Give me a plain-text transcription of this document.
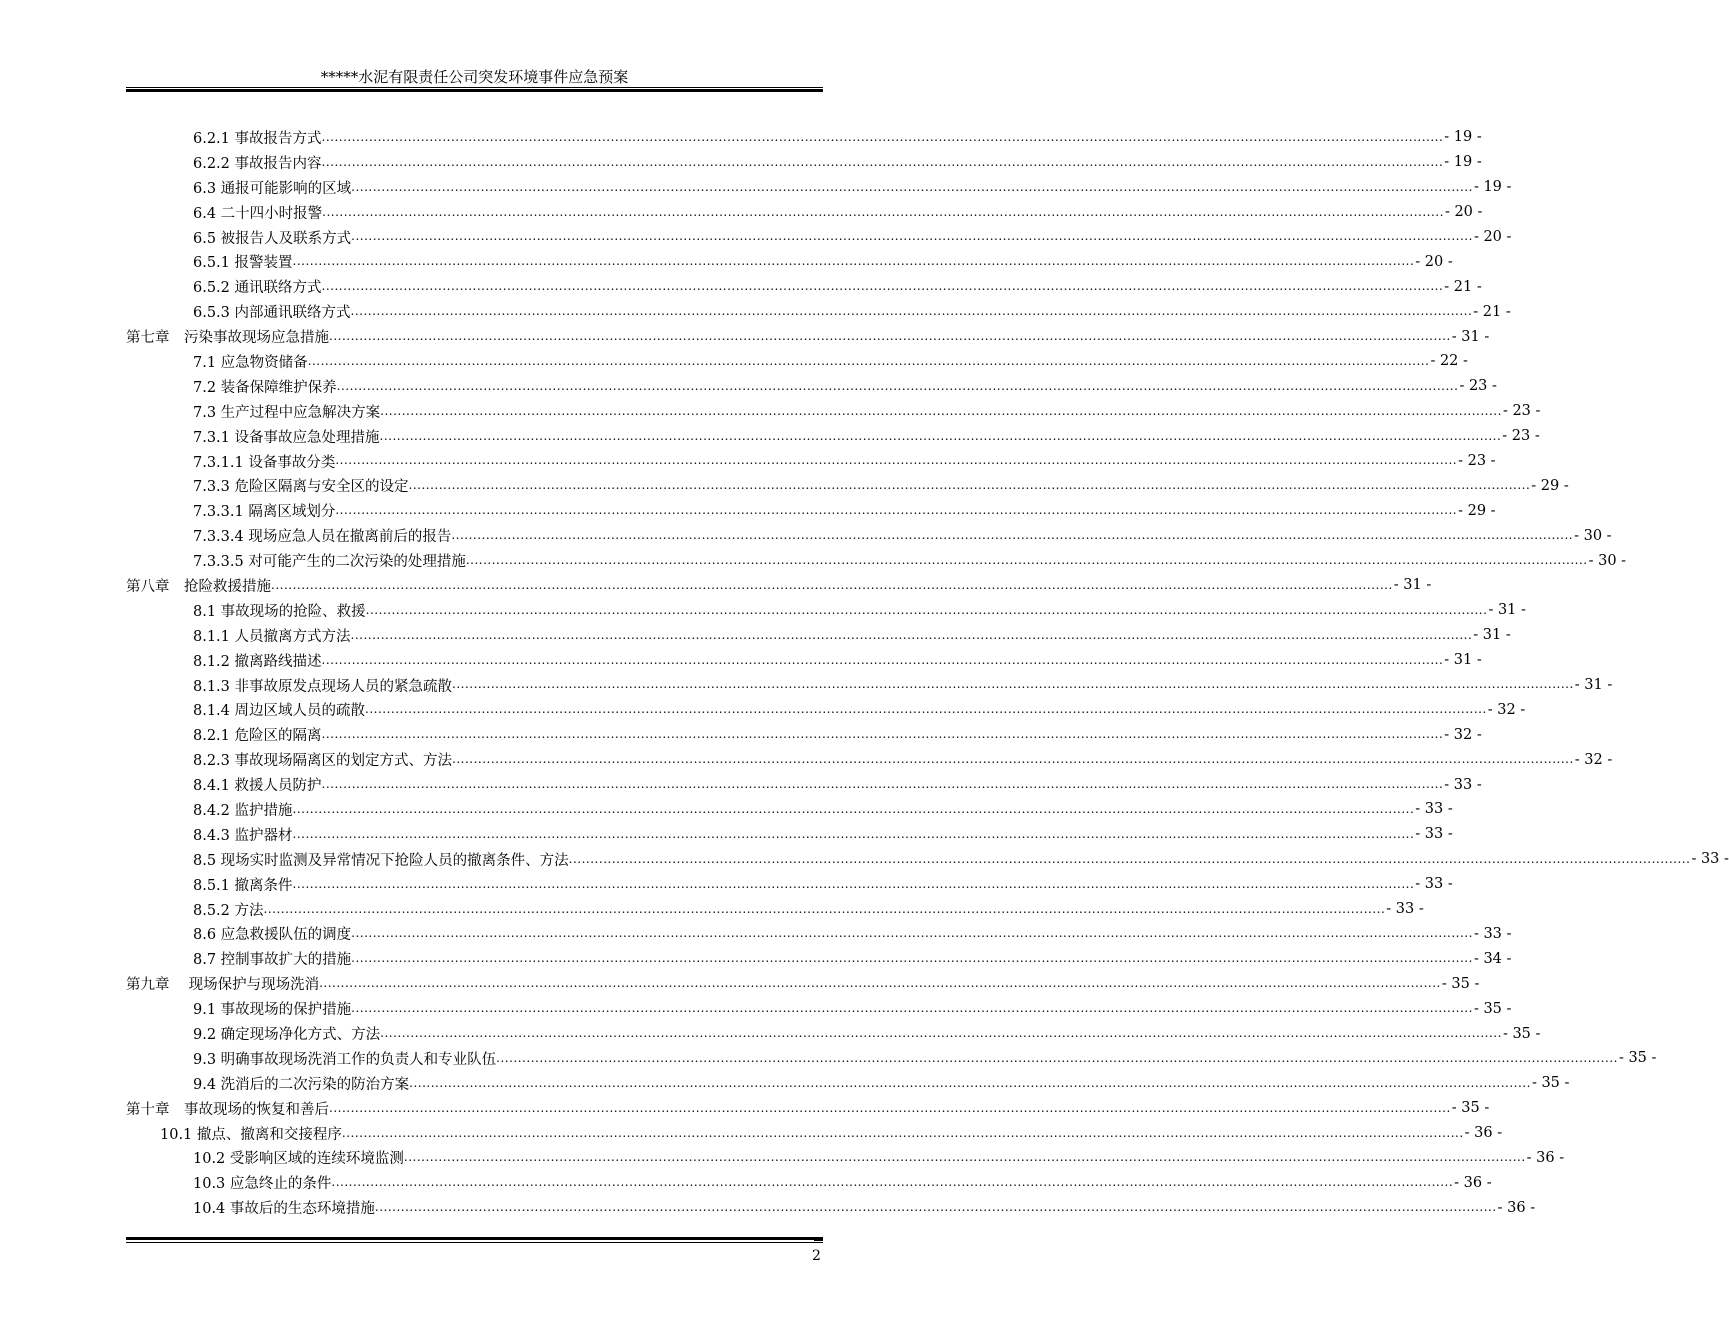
*****水泥有限责任公司突发环境事件应急预案
6.2.1 事故报告方式 .................................................................................................................................................................................................................................................................... - 19 -
6.2.2 事故报告内容 .................................................................................................................................................................................................................................................................... - 19 -
6.3 通报可能影响的区域 .................................................................................................................................................................................................................................................................... - 19 -
6.4 二十四小时报警 .................................................................................................................................................................................................................................................................... - 20 -
6.5 被报告人及联系方式 .................................................................................................................................................................................................................................................................... - 20 -
6.5.1 报警装置 .................................................................................................................................................................................................................................................................... - 20 -
6.5.2 通讯联络方式 .................................................................................................................................................................................................................................................................... - 21 -
6.5.3 内部通讯联络方式 .................................................................................................................................................................................................................................................................... - 21 -
第七章　污染事故现场应急措施 .................................................................................................................................................................................................................................................................... - 31 -
7.1 应急物资储备 .................................................................................................................................................................................................................................................................... - 22 -
7.2 装备保障维护保养 .................................................................................................................................................................................................................................................................... - 23 -
7.3 生产过程中应急解决方案 .................................................................................................................................................................................................................................................................... - 23 -
7.3.1 设备事故应急处理措施 .................................................................................................................................................................................................................................................................... - 23 -
7.3.1.1 设备事故分类 .................................................................................................................................................................................................................................................................... - 23 -
7.3.3 危险区隔离与安全区的设定 .................................................................................................................................................................................................................................................................... - 29 -
7.3.3.1 隔离区域划分 .................................................................................................................................................................................................................................................................... - 29 -
7.3.3.4 现场应急人员在撤离前后的报告 .................................................................................................................................................................................................................................................................... - 30 -
7.3.3.5 对可能产生的二次污染的处理措施 .................................................................................................................................................................................................................................................................... - 30 -
第八章　抢险救援措施 .................................................................................................................................................................................................................................................................... - 31 -
8.1 事故现场的抢险、救援 .................................................................................................................................................................................................................................................................... - 31 -
8.1.1 人员撤离方式方法 .................................................................................................................................................................................................................................................................... - 31 -
8.1.2 撤离路线描述 .................................................................................................................................................................................................................................................................... - 31 -
8.1.3 非事故原发点现场人员的紧急疏散 .................................................................................................................................................................................................................................................................... - 31 -
8.1.4 周边区域人员的疏散 .................................................................................................................................................................................................................................................................... - 32 -
8.2.1 危险区的隔离 .................................................................................................................................................................................................................................................................... - 32 -
8.2.3 事故现场隔离区的划定方式、方法 .................................................................................................................................................................................................................................................................... - 32 -
8.4.1 救援人员防护 .................................................................................................................................................................................................................................................................... - 33 -
8.4.2 监护措施 .................................................................................................................................................................................................................................................................... - 33 -
8.4.3 监护器材 .................................................................................................................................................................................................................................................................... - 33 -
8.5 现场实时监测及异常情况下抢险人员的撤离条件、方法 .................................................................................................................................................................................................................................................................... - 33 -
8.5.1 撤离条件 .................................................................................................................................................................................................................................................................... - 33 -
8.5.2 方法 .................................................................................................................................................................................................................................................................... - 33 -
8.6 应急救援队伍的调度 .................................................................................................................................................................................................................................................................... - 33 -
8.7 控制事故扩大的措施 .................................................................................................................................................................................................................................................................... - 34 -
第九章　 现场保护与现场洗消 .................................................................................................................................................................................................................................................................... - 35 -
9.1 事故现场的保护措施 .................................................................................................................................................................................................................................................................... - 35 -
9.2 确定现场净化方式、方法 .................................................................................................................................................................................................................................................................... - 35 -
9.3 明确事故现场洗消工作的负责人和专业队伍 .................................................................................................................................................................................................................................................................... - 35 -
9.4 洗消后的二次污染的防治方案 .................................................................................................................................................................................................................................................................... - 35 -
第十章　事故现场的恢复和善后 .................................................................................................................................................................................................................................................................... - 35 -
10.1 撤点、撤离和交接程序 .................................................................................................................................................................................................................................................................... - 36 -
10.2 受影响区域的连续环境监测 .................................................................................................................................................................................................................................................................... - 36 -
10.3 应急终止的条件 .................................................................................................................................................................................................................................................................... - 36 -
10.4 事故后的生态环境措施 .................................................................................................................................................................................................................................................................... - 36 -
2
